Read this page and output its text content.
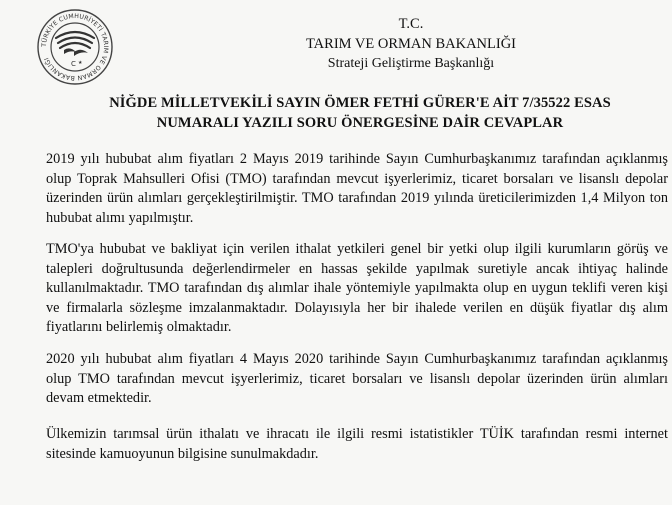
TÜRKİYE CUMHURİYETİ TARIM VE ORMAN BAKANLIĞI
C ★
T.C.
TARIM VE ORMAN BAKANLIĞI
Strateji Geliştirme Başkanlığı
NİĞDE MİLLETVEKİLİ SAYIN ÖMER FETHİ GÜRER'E AİT 7/35522 ESAS
NUMARALI YAZILI SORU ÖNERGESİNE DAİR CEVAPLAR
2019 yılı hububat alım fiyatları 2 Mayıs 2019 tarihinde Sayın Cumhurbaşkanımız tarafından açıklanmış olup Toprak Mahsulleri Ofisi (TMO) tarafından mevcut işyerlerimiz, ticaret borsaları ve lisanslı depolar üzerinden ürün alımları gerçekleştirilmiştir. TMO tarafından 2019 yılında üreticilerimizden 1,4 Milyon ton hububat alımı yapılmıştır.
TMO'ya hububat ve bakliyat için verilen ithalat yetkileri genel bir yetki olup ilgili kurumların görüş ve talepleri doğrultusunda değerlendirmeler en hassas şekilde yapılmak suretiyle ancak ihtiyaç halinde kullanılmaktadır. TMO tarafından dış alımlar ihale yöntemiyle yapılmakta olup en uygun teklifi veren kişi ve firmalarla sözleşme imzalanmaktadır. Dolayısıyla her bir ihalede verilen en düşük fiyatlar dış alım fiyatlarını belirlemiş olmaktadır.
2020 yılı hububat alım fiyatları 4 Mayıs 2020 tarihinde Sayın Cumhurbaşkanımız tarafından açıklanmış olup TMO tarafından mevcut işyerlerimiz, ticaret borsaları ve lisanslı depolar üzerinden ürün alımları devam etmektedir.
Ülkemizin tarımsal ürün ithalatı ve ihracatı ile ilgili resmi istatistikler TÜİK tarafından resmi internet sitesinde kamuoyunun bilgisine sunulmakdadır.
